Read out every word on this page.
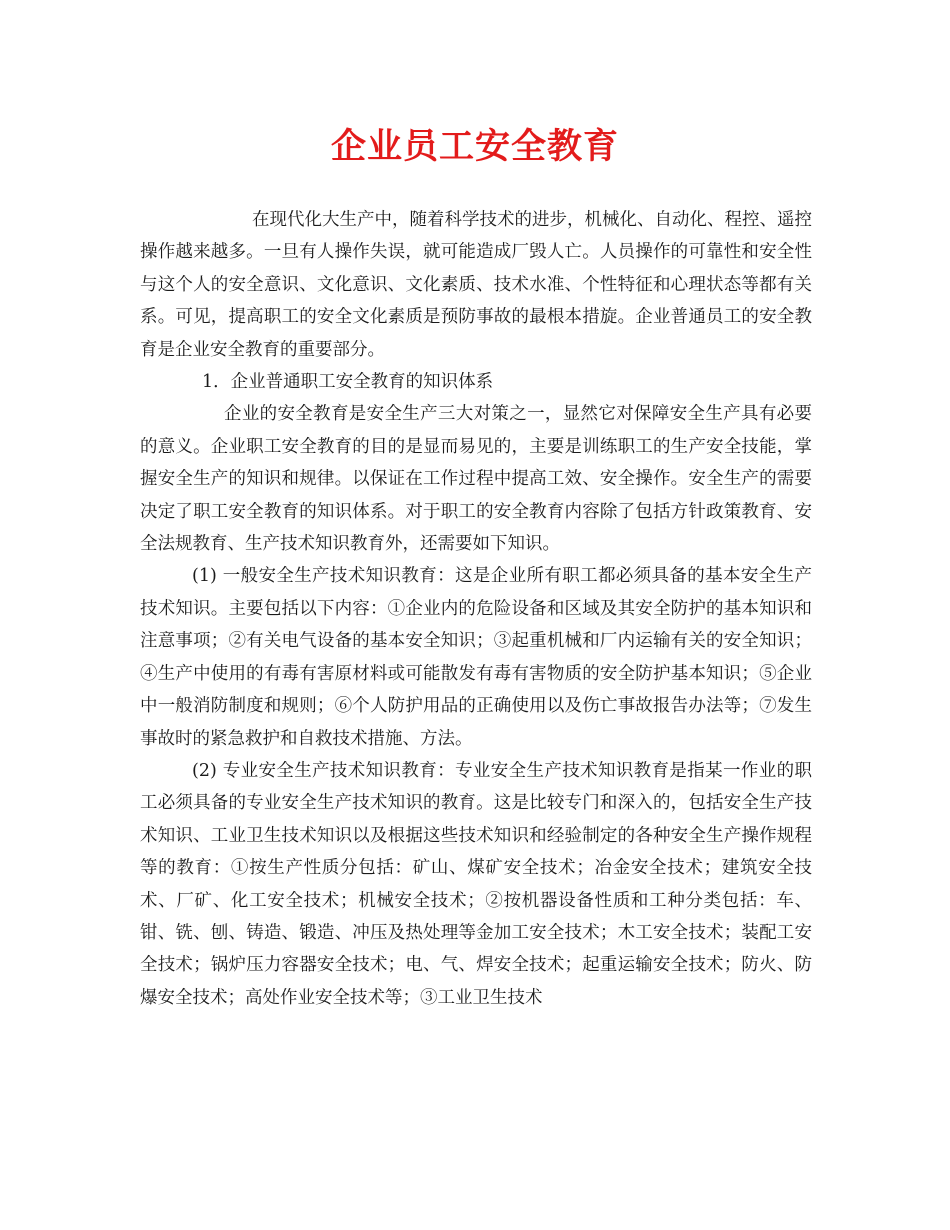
企业员工安全教育

在现代化大生产中，随着科学技术的进步，机械化、自动化、程控、遥控操作越来越多。一旦有人操作失误，就可能造成厂毁人亡。人员操作的可靠性和安全性与这个人的安全意识、文化意识、文化素质、技术水准、个性特征和心理状态等都有关系。可见，提高职工的安全文化素质是预防事故的最根本措旋。企业普通员工的安全教育是企业安全教育的重要部分。

1．企业普通职工安全教育的知识体系

企业的安全教育是安全生产三大对策之一，显然它对保障安全生产具有必要的意义。企业职工安全教育的目的是显而易见的，主要是训练职工的生产安全技能，掌握安全生产的知识和规律。以保证在工作过程中提高工效、安全操作。安全生产的需要决定了职工安全教育的知识体系。对于职工的安全教育内容除了包括方针政策教育、安全法规教育、生产技术知识教育外，还需要如下知识。

(1) 一般安全生产技术知识教育：这是企业所有职工都必须具备的基本安全生产技术知识。主要包括以下内容：①企业内的危险设备和区域及其安全防护的基本知识和注意事项；②有关电气设备的基本安全知识；③起重机械和厂内运输有关的安全知识；④生产中使用的有毒有害原材料或可能散发有毒有害物质的安全防护基本知识；⑤企业中一般消防制度和规则；⑥个人防护用品的正确使用以及伤亡事故报告办法等；⑦发生事故时的紧急救护和自救技术措施、方法。

(2) 专业安全生产技术知识教育：专业安全生产技术知识教育是指某一作业的职工必须具备的专业安全生产技术知识的教育。这是比较专门和深入的，包括安全生产技术知识、工业卫生技术知识以及根据这些技术知识和经验制定的各种安全生产操作规程等的教育：①按生产性质分包括：矿山、煤矿安全技术；冶金安全技术；建筑安全技术、厂矿、化工安全技术；机械安全技术；②按机器设备性质和工种分类包括：车、钳、铣、刨、铸造、锻造、冲压及热处理等金加工安全技术；木工安全技术；装配工安全技术；锅炉压力容器安全技术；电、气、焊安全技术；起重运输安全技术；防火、防爆安全技术；高处作业安全技术等；③工业卫生技术
